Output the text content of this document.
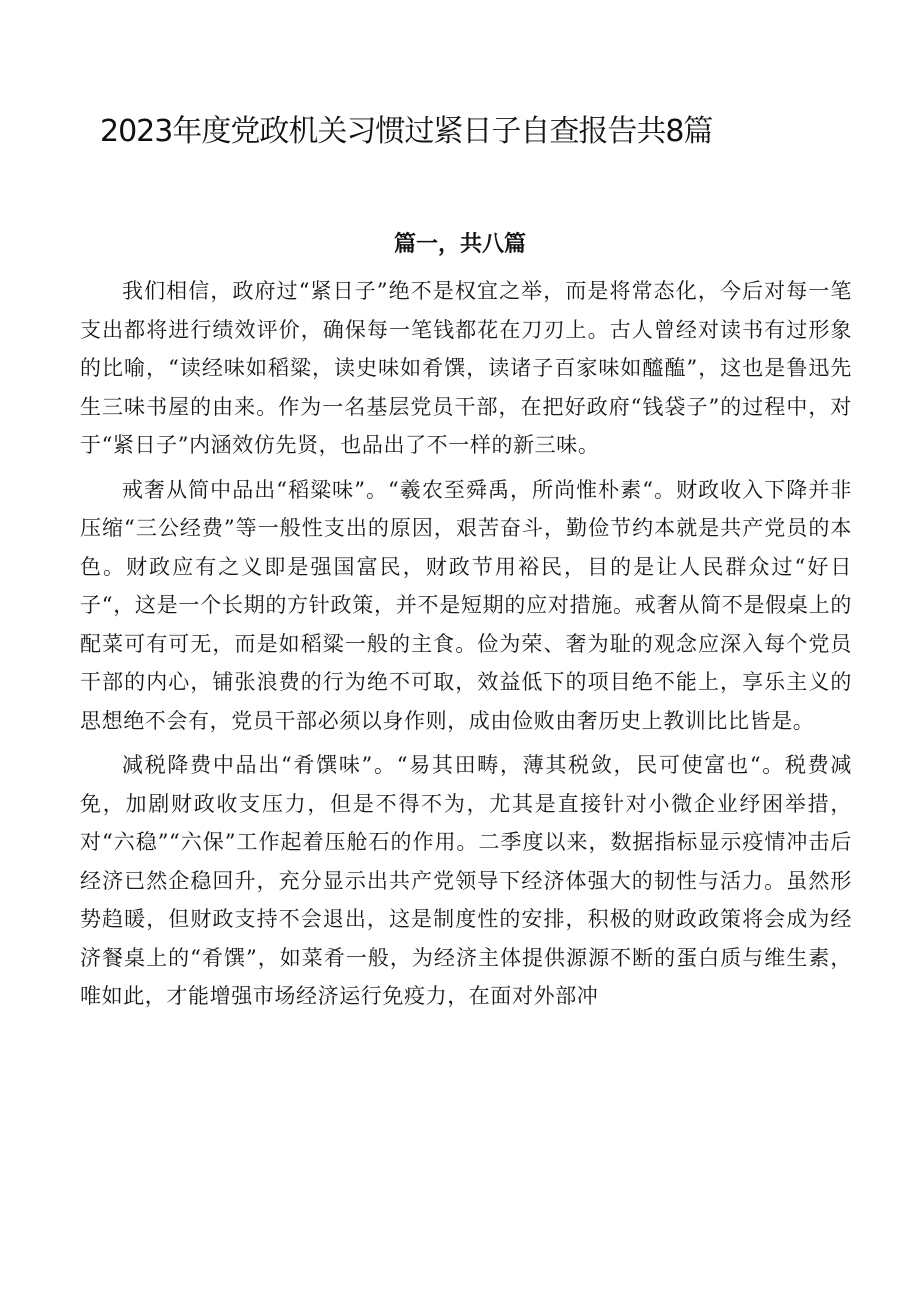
2023年度党政机关习惯过紧日子自查报告共8篇
篇一，共八篇

我们相信，政府过“紧日子”绝不是权宜之举，而是将常态化，今后对每一笔支出都将进行绩效评价，确保每一笔钱都花在刀刃上。古人曾经对读书有过形象的比喻，“读经味如稻粱，读史味如肴馔，读诸子百家味如醯醢”，这也是鲁迅先生三味书屋的由来。作为一名基层党员干部，在把好政府“钱袋子”的过程中，对于“紧日子”内涵效仿先贤，也品出了不一样的新三味。

戒奢从简中品出“稻粱味”。“羲农至舜禹，所尚惟朴素“。财政收入下降并非压缩“三公经费”等一般性支出的原因，艰苦奋斗，勤俭节约本就是共产党员的本色。财政应有之义即是强国富民，财政节用裕民，目的是让人民群众过“好日子“，这是一个长期的方针政策，并不是短期的应对措施。戒奢从简不是假桌上的配菜可有可无，而是如稻粱一般的主食。俭为荣、奢为耻的观念应深入每个党员干部的内心，铺张浪费的行为绝不可取，效益低下的项目绝不能上，享乐主义的思想绝不会有，党员干部必须以身作则，成由俭败由奢历史上教训比比皆是。

减税降费中品出“肴馔味”。“易其田畴，薄其税敛，民可使富也“。税费减免，加剧财政收支压力，但是不得不为，尤其是直接针对小微企业纾困举措，对“六稳”“六保”工作起着压舱石的作用。二季度以来，数据指标显示疫情冲击后经济已然企稳回升，充分显示出共产党领导下经济体强大的韧性与活力。虽然形势趋暖，但财政支持不会退出，这是制度性的安排，积极的财政政策将会成为经济餐桌上的“肴馔”，如菜肴一般，为经济主体提供源源不断的蛋白质与维生素，唯如此，才能增强市场经济运行免疫力，在面对外部冲
